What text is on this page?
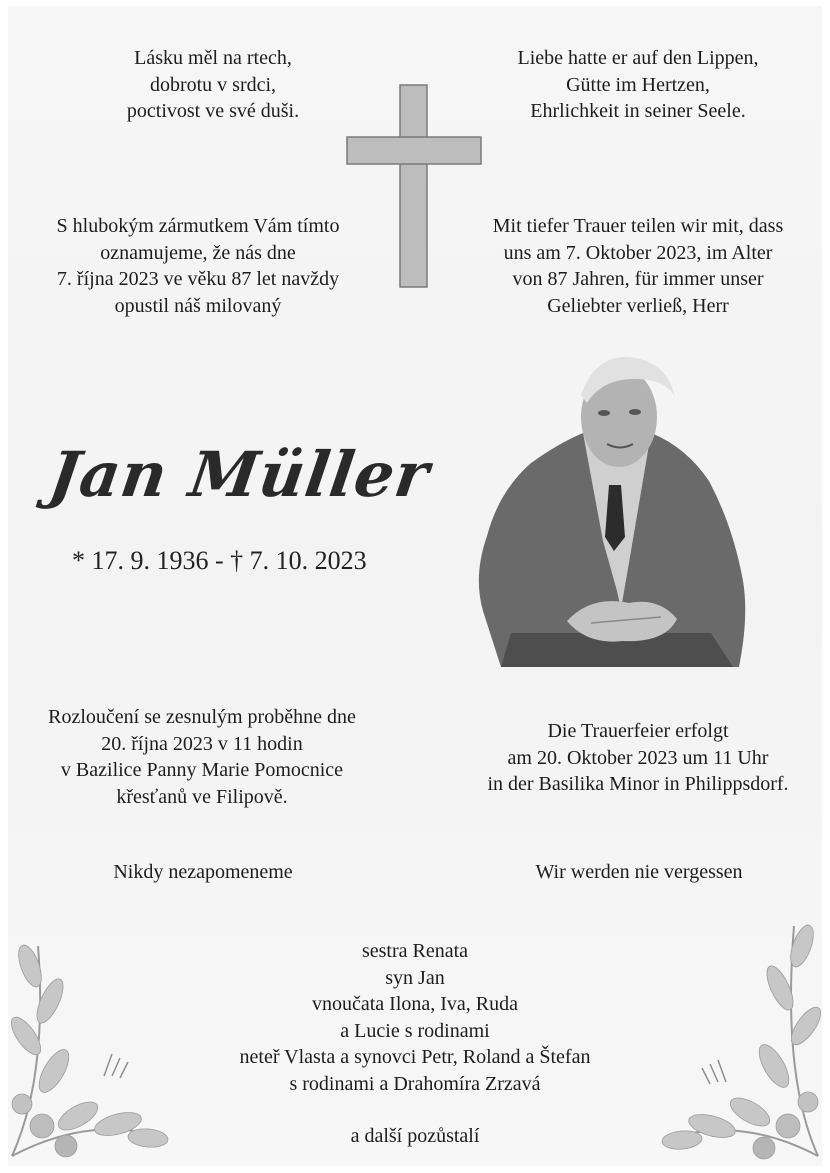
Lásku měl na rtech,
dobrotu v srdci,
poctivost ve své duši.
Liebe hatte er auf den Lippen,
Gütte im Hertzen,
Ehrlichkeit in seiner Seele.
S hlubokým zármutkem Vám tímto
oznamujeme, že nás dne
7. října 2023 ve věku 87 let navždy
opustil náš milovaný
Mit tiefer Trauer teilen wir mit, dass
uns am 7. Oktober 2023, im Alter
von 87 Jahren, für immer unser
Geliebter verließ, Herr
Jan Müller
* 17. 9. 1936 - † 7. 10. 2023
Rozloučení se zesnulým proběhne dne
20. října 2023 v 11 hodin
v Bazilice Panny Marie Pomocnice
křesťanů ve Filipově.
Die Trauerfeier erfolgt
am 20. Oktober 2023 um 11 Uhr
in der Basilika Minor in Philippsdorf.
Nikdy nezapomeneme	Wir werden nie vergessen
sestra Renata
syn Jan
vnoučata Ilona, Iva, Ruda
a Lucie s rodinami
neteř Vlasta a synovci Petr, Roland a Štefan
s rodinami a Drahomíra Zrzavá
a další pozůstalí
